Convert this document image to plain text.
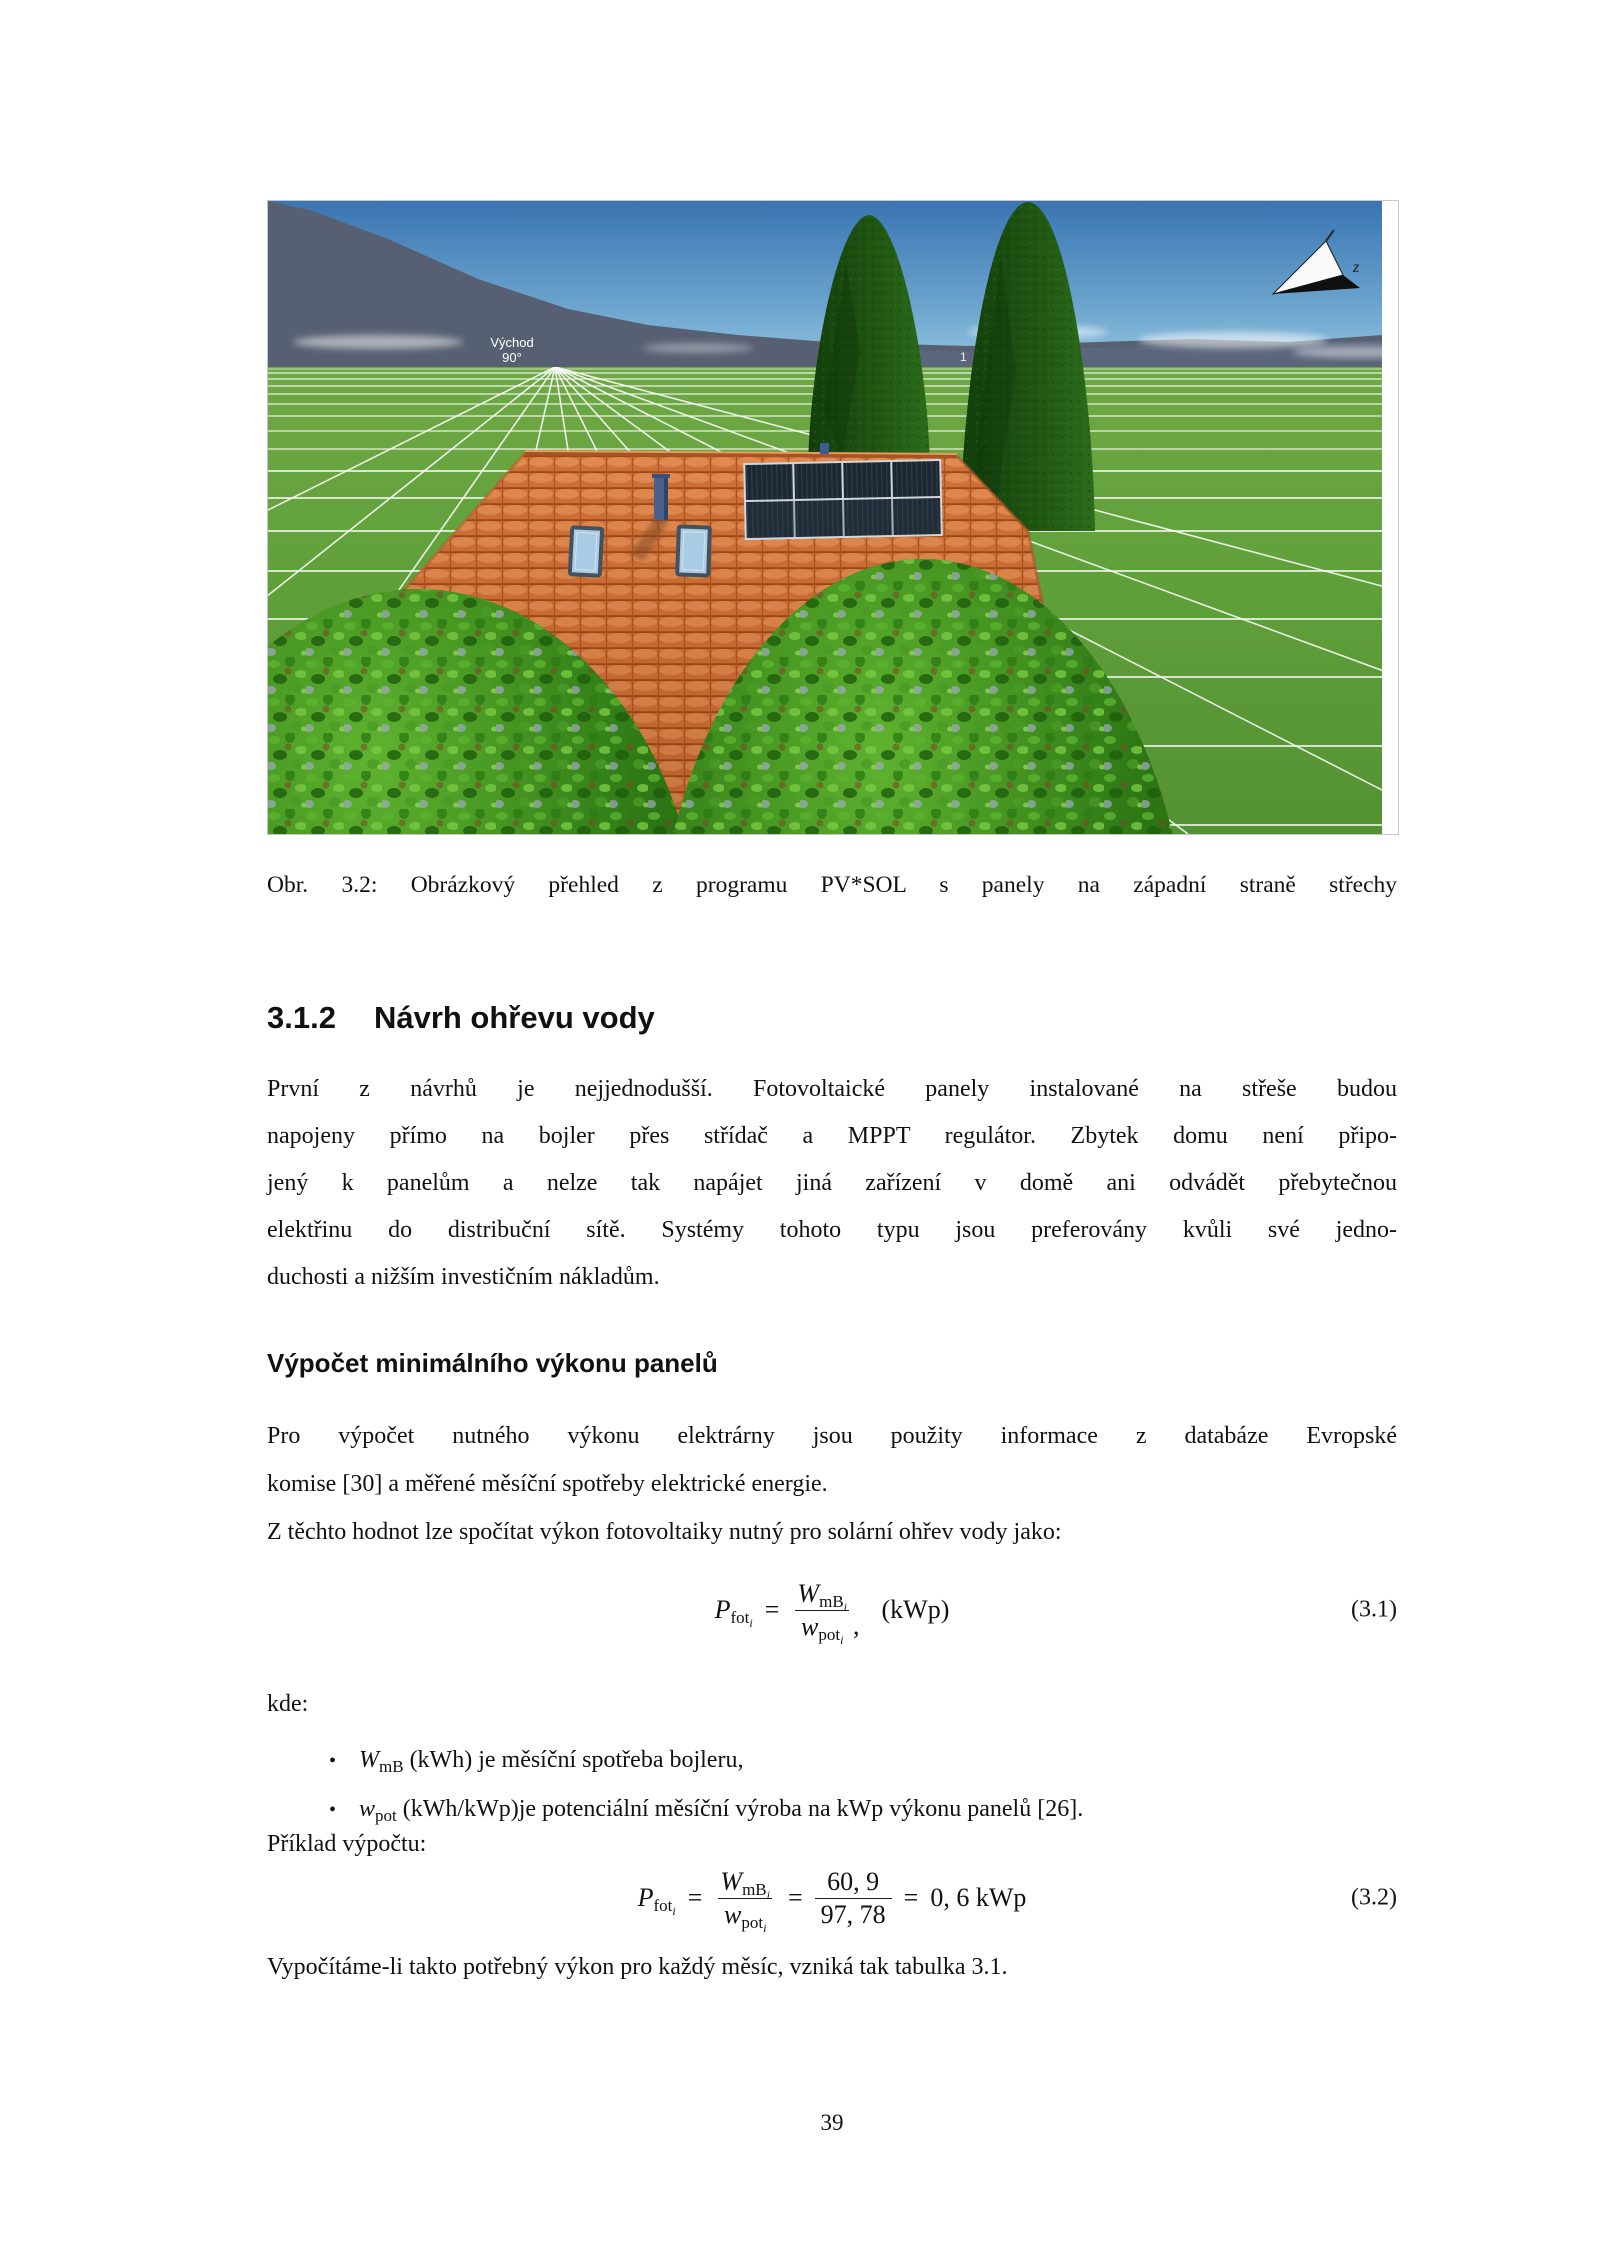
Východ
90°	1
z
Obr. 3.2: Obrázkový přehled z programu PV*SOL s panely na západní straně střechy
3.1.2 Návrh ohřevu vody
První z návrhů je nejjednodušší. Fotovoltaické panely instalované na střeše budou
napojeny přímo na bojler přes střídač a MPPT regulátor. Zbytek domu není připo-
jený k panelům a nelze tak napájet jiná zařízení v domě ani odvádět přebytečnou
elektřinu do distribuční sítě. Systémy tohoto typu jsou preferovány kvůli své jedno-
duchosti a nižším investičním nákladům.
Výpočet minimálního výkonu panelů
Pro výpočet nutného výkonu elektrárny jsou použity informace z databáze Evropské
komise [30] a měřené měsíční spotřeby elektrické energie.
Z těchto hodnot lze spočítat výkon fotovoltaiky nutný pro solární ohřev vody jako:
$P_{fot_i} = \frac{W_{mB_i}}{w_{pot_i}}$ ,
(kWp)	(3.1)
kde:
• $W_{mB}$ (kWh) je měsíční spotřeba bojleru,
• $w_{pot}$ (kWh/kWp)je potenciální měsíční výroba na kWp výkonu panelů [26].
Příklad výpočtu:
$P_{fot_i} = \frac{W_{mB_i}}{w_{pot_i}} = \frac{60, 9}{97, 78} = 0$, 6 kWp	(3.2)
Vypočítáme-li takto potřebný výkon pro každý měsíc, vzniká tak tabulka 3.1.
39
